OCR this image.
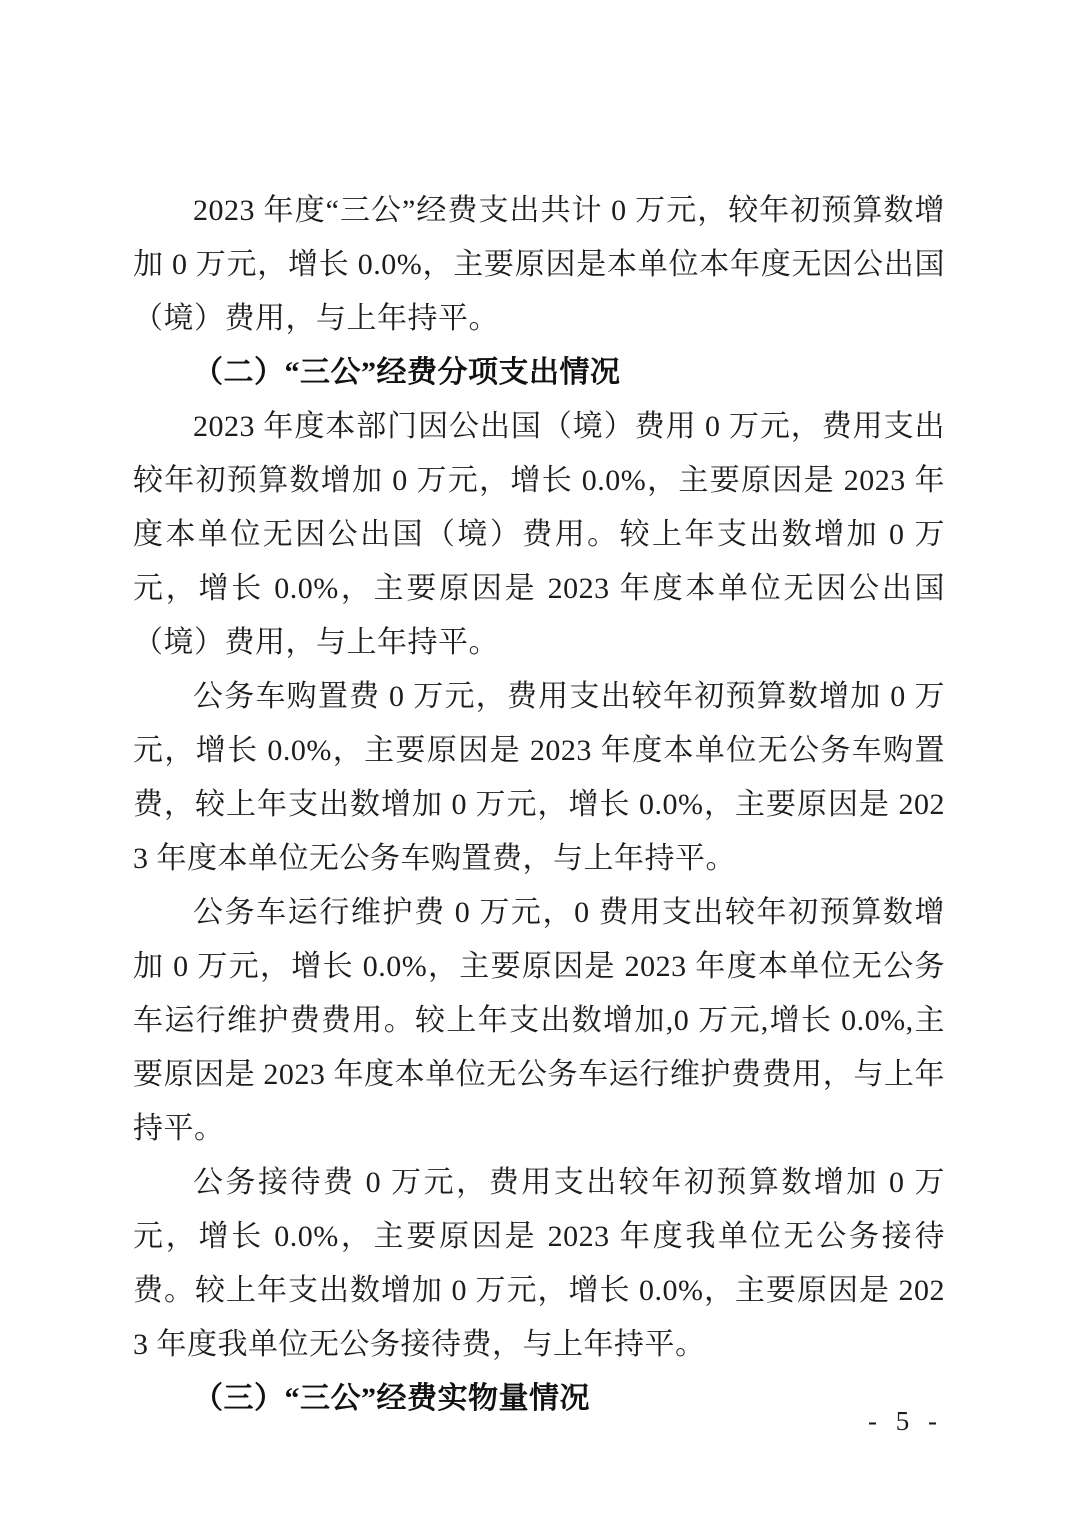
2023 年度“三公”经费支出共计 0 万元，较年初预算数增加 0 万元，增长 0.0%，主要原因是本单位本年度无因公出国（境）费用，与上年持平。

（二）“三公”经费分项支出情况

2023 年度本部门因公出国（境）费用 0 万元，费用支出较年初预算数增加 0 万元，增长 0.0%，主要原因是 2023 年度本单位无因公出国（境）费用。较上年支出数增加 0 万元，增长 0.0%，主要原因是 2023 年度本单位无因公出国（境）费用，与上年持平。

公务车购置费 0 万元，费用支出较年初预算数增加 0 万元，增长 0.0%，主要原因是 2023 年度本单位无公务车购置费，较上年支出数增加 0 万元，增长 0.0%，主要原因是 2023 年度本单位无公务车购置费，与上年持平。

公务车运行维护费 0 万元，0 费用支出较年初预算数增加 0 万元，增长 0.0%，主要原因是 2023 年度本单位无公务车运行维护费费用。较上年支出数增加,0 万元,增长 0.0%,主要原因是 2023 年度本单位无公务车运行维护费费用，与上年持平。

公务接待费 0 万元，费用支出较年初预算数增加 0 万元，增长 0.0%，主要原因是 2023 年度我单位无公务接待费。较上年支出数增加 0 万元，增长 0.0%，主要原因是 2023 年度我单位无公务接待费，与上年持平。

（三）“三公”经费实物量情况

- 5 -
